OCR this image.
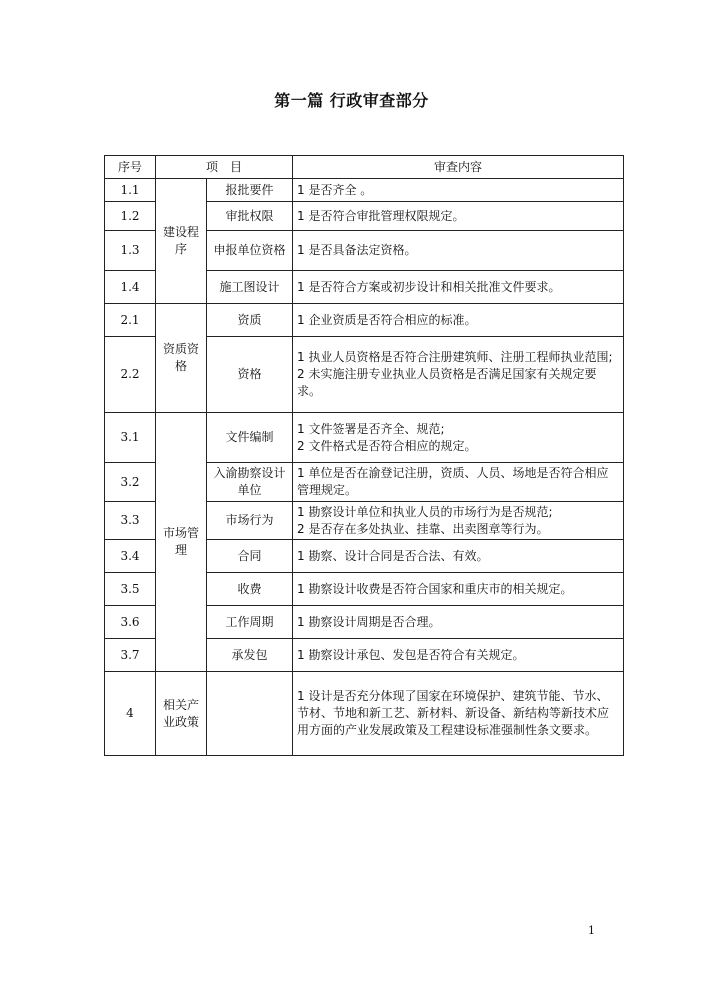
第一篇 行政审查部分
序号	项　目		审查内容
1.1	建设程序	报批要件	1 是否齐全 。

1.2		审批权限	1 是否符合审批管理权限规定。

1.3		申报单位资格	1 是否具备法定资格。

1.4		施工图设计	1 是否符合方案或初步设计和相关批准文件要求。

2.1	资质资格	资质	1 企业资质是否符合相应的标准。

2.2		资格	1 执业人员资格是否符合注册建筑师、注册工程师执业范围;
2 未实施注册专业执业人员资格是否满足国家有关规定要求。

3.1	市场管理	文件编制	1 文件签署是否齐全、规范;
2 文件格式是否符合相应的规定。

3.2		入渝勘察设计单位	1 单位是否在渝登记注册，资质、人员、场地是否符合相应管理规定。

3.3		市场行为	1 勘察设计单位和执业人员的市场行为是否规范;
2 是否存在多处执业、挂靠、出卖图章等行为。

3.4		合同	1 勘察、设计合同是否合法、有效。

3.5		收费	1 勘察设计收费是否符合国家和重庆市的相关规定。

3.6		工作周期	1 勘察设计周期是否合理。

3.7		承发包	1 勘察设计承包、发包是否符合有关规定。

4	相关产业政策		1 设计是否充分体现了国家在环境保护、建筑节能、节水、节材、节地和新工艺、新材料、新设备、新结构等新技术应用方面的产业发展政策及工程建设标准强制性条文要求。
1
